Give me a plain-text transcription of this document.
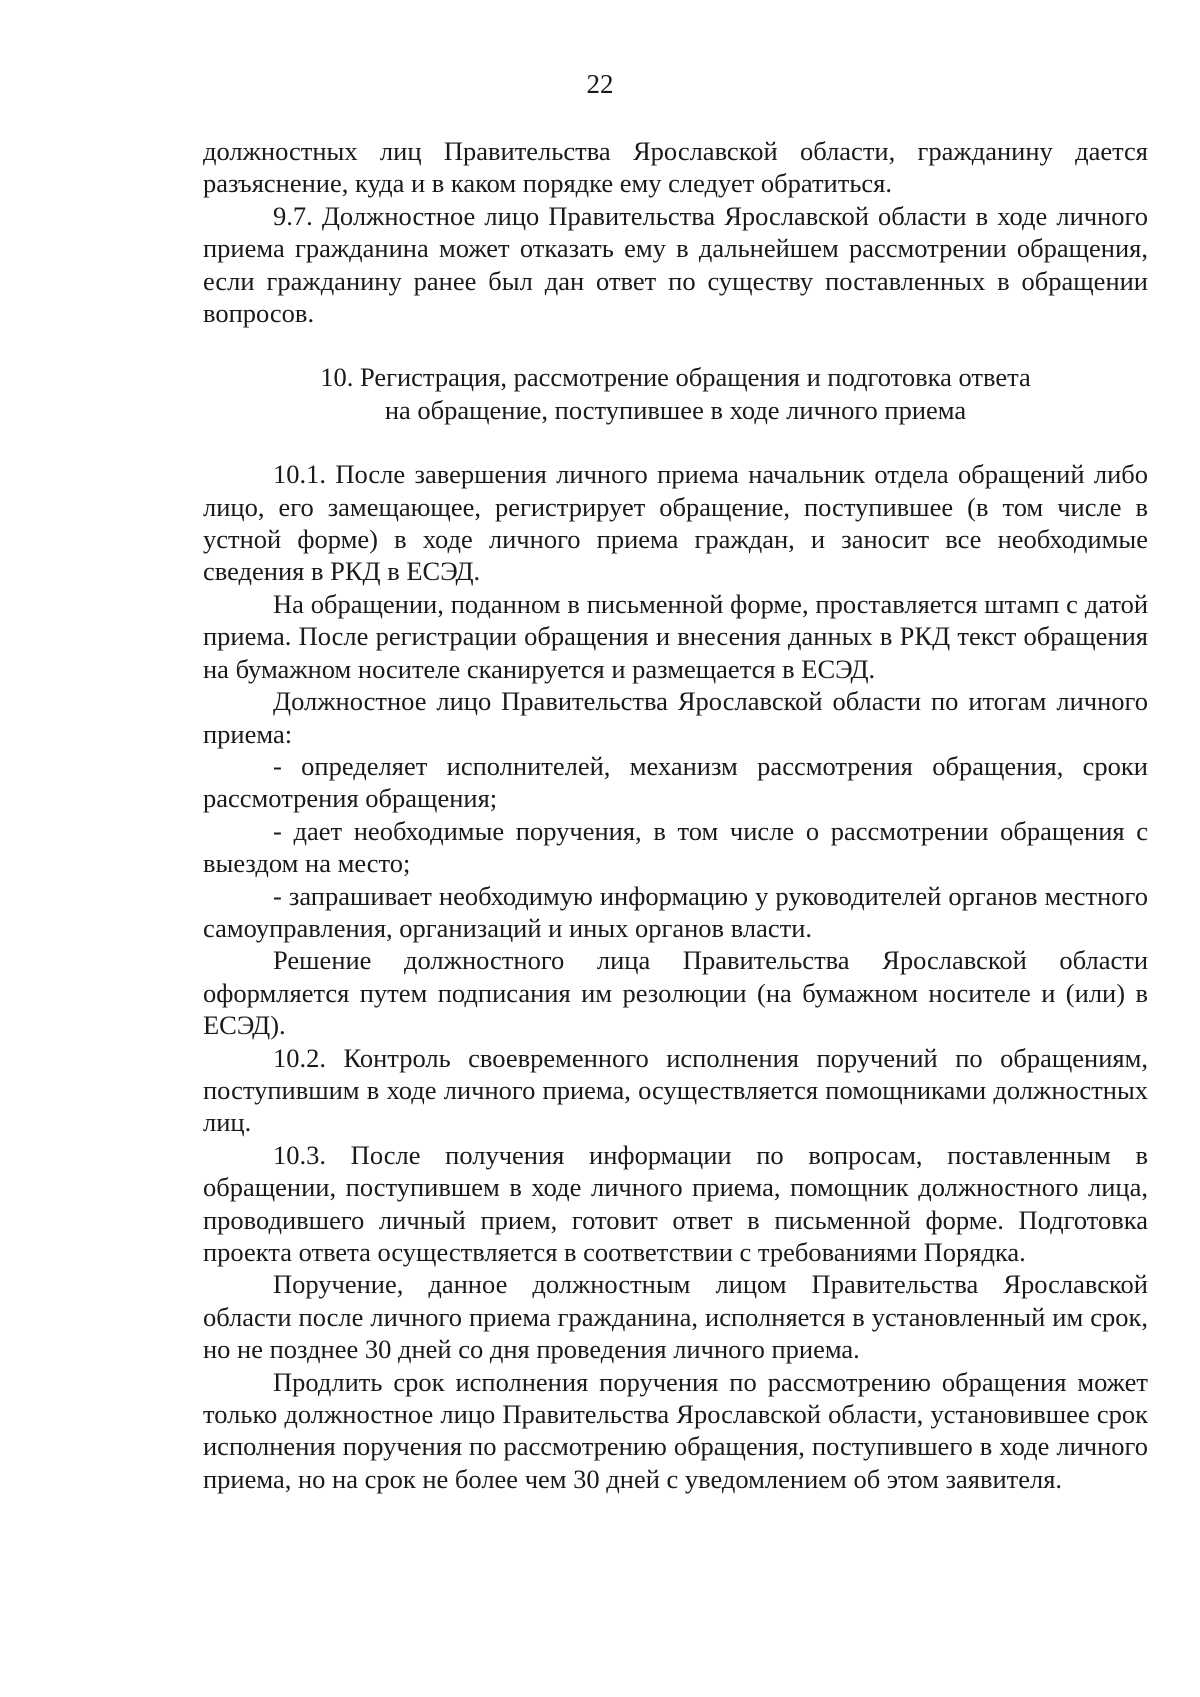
22

должностных лиц Правительства Ярославской области, гражданину дается разъяснение, куда и в каком порядке ему следует обратиться.

9.7. Должностное лицо Правительства Ярославской области в ходе личного приема гражданина может отказать ему в дальнейшем рассмотрении обращения, если гражданину ранее был дан ответ по существу поставленных в обращении вопросов.

10. Регистрация, рассмотрение обращения и подготовка ответа
на обращение, поступившее в ходе личного приема

10.1. После завершения личного приема начальник отдела обращений либо лицо, его замещающее, регистрирует обращение, поступившее (в том числе в устной форме) в ходе личного приема граждан, и заносит все необходимые сведения в РКД в ЕСЭД.

На обращении, поданном в письменной форме, проставляется штамп с датой приема. После регистрации обращения и внесения данных в РКД текст обращения на бумажном носителе сканируется и размещается в ЕСЭД.

Должностное лицо Правительства Ярославской области по итогам личного приема:

- определяет исполнителей, механизм рассмотрения обращения, сроки рассмотрения обращения;

- дает необходимые поручения, в том числе о рассмотрении обращения с выездом на место;

- запрашивает необходимую информацию у руководителей органов местного самоуправления, организаций и иных органов власти.

Решение должностного лица Правительства Ярославской области оформляется путем подписания им резолюции (на бумажном носителе и (или) в ЕСЭД).

10.2. Контроль своевременного исполнения поручений по обращениям, поступившим в ходе личного приема, осуществляется помощниками должностных лиц.

10.3. После получения информации по вопросам, поставленным в обращении, поступившем в ходе личного приема, помощник должностного лица, проводившего личный прием, готовит ответ в письменной форме. Подготовка проекта ответа осуществляется в соответствии с требованиями Порядка.

Поручение, данное должностным лицом Правительства Ярославской области после личного приема гражданина, исполняется в установленный им срок, но не позднее 30 дней со дня проведения личного приема.

Продлить срок исполнения поручения по рассмотрению обращения может только должностное лицо Правительства Ярославской области, установившее срок исполнения поручения по рассмотрению обращения, поступившего в ходе личного приема, но на срок не более чем 30 дней с уведомлением об этом заявителя.
